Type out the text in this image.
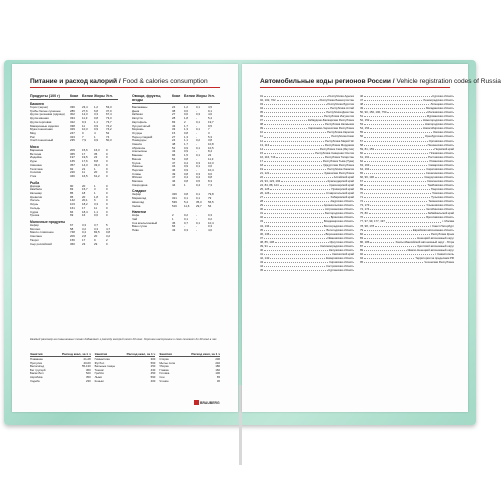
Питание и расход калорий / Food & calories consumption
Продукты (100 г)	Ккал	Белки Жиры Угл.
Бакалея
Горох (зерно)	336	23,4	1,2	53,3
Грибы белые сушеные	286	27,6	6,8	37,0
Крупа гречневая (ядрица)	302	12,3	3,3	67,4
Крупа манная	334	11,3	0,8	73,3
Крупа перловая	322	9,3	1,1	73,7
Макаронные изделия	338	11	0,9	74,2
Мука пшеничная	329	10,3	0,9	74,2
Мёд	247	0	4	52
Рис	323	7	1	74
Хлеб пшеничный	235	7,9	0,9	50,3
Мясо
Баранина	209	15,6	16,3	0
Ветчина	365	17	35	0
Индейка	197	19,5	22	0
Куры	165	17,6	8,8	0
Свинина	357	14,3	33,3	0
Телятина	92	21	1	0
Сосиски	226	11	20	0
Утка	346	16,5	61,2	0
Рыба
Дорада	90	20	1	0
Камбала	83	15,7	3	0
Кальмар	85	18	1	0
Креветки	95	20	1,8	0
Лосось	142	20,1	6	0
Окунь	103	18,2	3,3	0
Сельдь	161	17	11	0
Судак	84	18,4	1,1	0
Треска	69	16	0,6	0
Молочные продукты
Кефир	67	3,3	3,7	5
Молоко	58	3,2	3,3	4,7
Масло сливочное	748	0,4	82,5	0,8
Сметана	206	2,8	20	3,2
Творог	156	17	9	2
Сыр российский	360	23	29	0
Овощи, фрукты, ягоды
Ккал	Белки Жиры Угл.
Баклажаны	24	1,2	0,1	4,5
Дыня	38	0,6	-	9,1
Кабачки	27	0,6	0,3	4,6
Капуста	28	1,8	-	5,4
Картофель	83	2	0,1	19,7
Лук репчатый	43	1,7	-	9,5
Морковь	33	1,3	0,1	7
Огурцы	15	0,8	-	3
Перец сладкий	27	1,3	-	5,3
Помидоры	24	1,1	0,2	3,8
Свекла	48	1,7	-	10,8
Абрикосы	52	0,9	0,1	10,5
Апельсины	43	0,9	-	8,4
Бананы	96	1,5	0,1	22
Вишня	52	0,8	-	11,3
Груша	47	0,4	0,3	10,3
Лимоны	34	0,9	0,1	3,6
Персики	46	0,9	-	10,4
Сливы	49	0,8	0,3	9,6
Яблоки	47	0,4	0,4	9,8
Малина	46	0,8	0,5	8,3
Смородина	44	1	0,4	7,3
Сладкое
Зефир	326	0,8	0,1	79,8
Мармелад	321	0,1	0,1	79
Шоколад	539	5,4	35,3	56,5
Халва	516	11,6	29,7	54
Напитки
Кофе	2	0,2	-	0,3
Чай	1	0,1	-	0,2
Сок апельсиновый	45	0,7	0,1	10,4
Вино сухое	66	-	-	0,3
Пиво	43	0,3	-	4,6
Каждый разговор на повышенных тонах добавляет к расходу калорий около 20 ккал. Хорошее настроение и смех сжигают до 40 ккал в час.
Занятия	Расход ккал, за 1 ч
Плавание	21-28
Прогулка	40-60
Велосипед	55-130
Бег трусцой	360
Баскетбол	520
Аэробика	350
Ходьба	230
Занятия	Расход ккал, за 1 ч
Гимнастика	300
Футбол	560
Бальные танцы	250
Теннис	430
Гребля	450
Лыжи	590
Коньки	400
Занятия	Расход ккал, за 1 ч
Стирка	200
Мытье пола	240
Уборка	180
Глажка	160
Готовка	100
Сон	65
Чтение	30
BRAUBERG
Автомобильные коды регионов России / Vehicle registration codes of Russia
01	Республика Адыгея
02, 102, 702	Республика Башкортостан
03	Республика Бурятия
04	Республика Алтай
05	Республика Дагестан
06	Республика Ингушетия
07	Кабардино-Балкарская Республика
08	Республика Калмыкия
09	Карачаево-Черкесская Республика
10	Республика Карелия
11	Республика Коми
12	Республика Марий Эл
13, 113	Республика Мордовия
14	Республика Саха (Якутия)
15	Республика Северная Осетия
16, 116, 716	Республика Татарстан
17	Республика Тыва (Тува)
18	Удмуртская Республика
19	Республика Хакасия
21, 121	Чувашская Республика
22	Алтайский край
23, 93, 123, 193	Краснодарский край
24, 84, 88, 124	Красноярский край
25, 125	Приморский край
26, 126	Ставропольский край
27	Хабаровский край
28	Амурская область
29	Архангельская область
30	Астраханская область
31	Белгородская область
32	Брянская область
33	Владимирская область
34, 134	Волгоградская область
35	Вологодская область
36, 136	Воронежская область
37	Ивановская область
38, 85, 138	Иркутская область
39, 91	Калининградская область
40	Калужская область
41	Камчатский край
42, 142	Кемеровская область
43	Кировская область
44	Костромская область
45	Курганская область
46	Курская область
47	Ленинградская область
48	Липецкая область
49	Магаданская область
50, 90, 150, 190, 750	Московская область
51	Мурманская область
52, 152	Нижегородская область
53	Новгородская область
54, 154	Новосибирская область
55	Омская область
56	Оренбургская область
57	Орловская область
58	Пензенская область
59, 81, 159	Пермский край
60	Псковская область
61, 161	Ростовская область
62	Рязанская область
63, 163	Самарская область
64, 164	Саратовская область
65	Сахалинская область
66, 96, 196	Свердловская область
67	Смоленская область
68	Тамбовская область
69	Тверская область
70	Томская область
71	Тульская область
72	Тюменская область
73, 173	Ульяновская область
74, 174	Челябинская область
75, 80	Забайкальский край
76	Ярославская область
77, 97, 99, 177, 197	г. Москва
78, 98, 178	г. Санкт-Петербург
79	Еврейская автономная область
82	Республика Крым
83	Ненецкий автономный округ
86, 186	Ханты-Мансийский автономный округ - Югра
87	Чукотский автономный округ
89	Ямало-Ненецкий автономный округ
92	г. Севастополь
94	Территории за пределами РФ
95	Чеченская Республика
